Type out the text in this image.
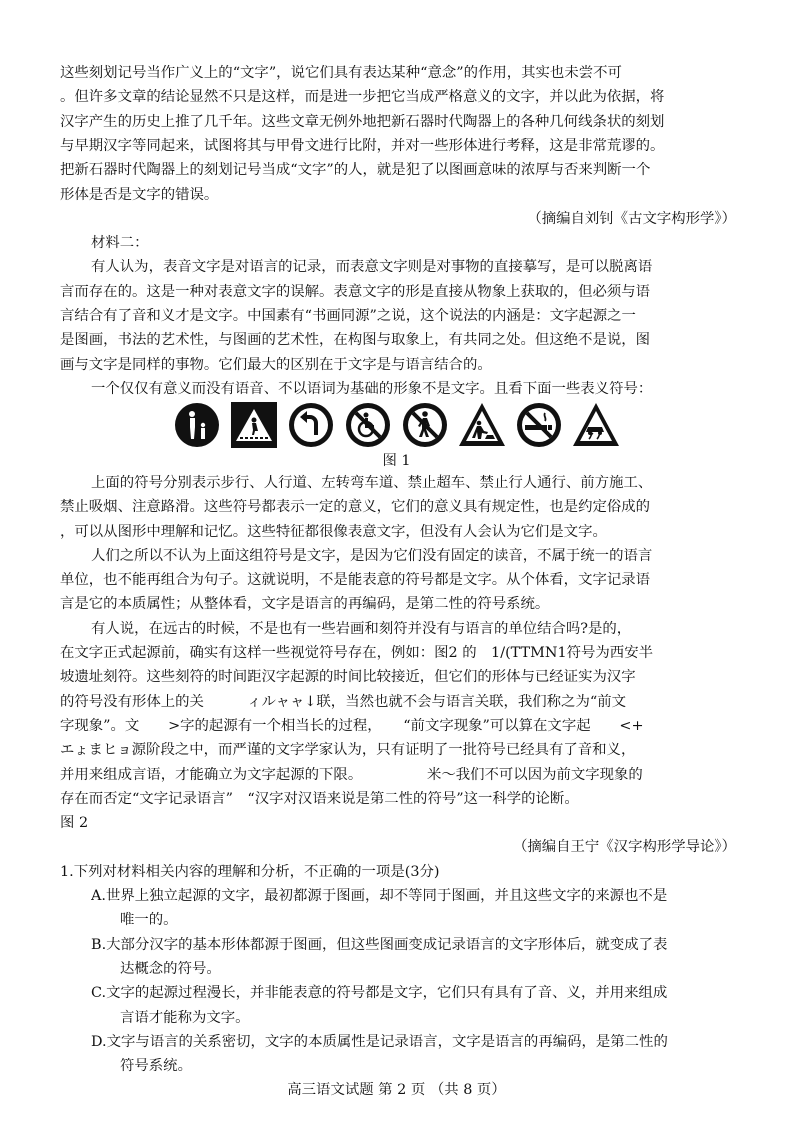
这些刻划记号当作广义上的“文字”，说它们具有表达某种“意念”的作用，其实也未尝不可
。但许多文章的结论显然不只是这样，而是进一步把它当成严格意义的文字，并以此为依据，将
汉字产生的历史上推了几千年。这些文章无例外地把新石器时代陶器上的各种几何线条状的刻划
与早期汉字等同起来，试图将其与甲骨文进行比附，并对一些形体进行考释，这是非常荒谬的。
把新石器时代陶器上的刻划记号当成“文字”的人，就是犯了以图画意味的浓厚与否来判断一个
形体是否是文字的错误。
（摘编自刘钊《古文字构形学》）
材料二：
有人认为，表音文字是对语言的记录，而表意文字则是对事物的直接摹写，是可以脱离语
言而存在的。这是一种对表意文字的误解。表意文字的形是直接从物象上获取的，但必须与语
言结合有了音和义才是文字。中国素有“书画同源”之说，这个说法的内涵是：文字起源之一
是图画，书法的艺术性，与图画的艺术性，在构图与取象上，有共同之处。但这绝不是说，图
画与文字是同样的事物。它们最大的区别在于文字是与语言结合的。
一个仅仅有意义而没有语音、不以语词为基础的形象不是文字。且看下面一些表义符号：
图 1
上面的符号分别表示步行、人行道、左转弯车道、禁止超车、禁止行人通行、前方施工、
禁止吸烟、注意路滑。这些符号都表示一定的意义，它们的意义具有规定性，也是约定俗成的
，可以从图形中理解和记忆。这些特征都很像表意文字，但没有人会认为它们是文字。
人们之所以不认为上面这组符号是文字，是因为它们没有固定的读音，不属于统一的语言
单位，也不能再组合为句子。这就说明，不是能表意的符号都是文字。从个体看，文字记录语
言是它的本质属性；从整体看，文字是语言的再编码，是第二性的符号系统。
有人说，在远古的时候，不是也有一些岩画和刻符并没有与语言的单位结合吗?是的，
在文字正式起源前，确实有这样一些视觉符号存在，例如：图2 的　1/(TTMN1符号为西安半
坡遗址刻符。这些刻符的时间距汉字起源的时间比较接近，但它们的形体与已经证实为汉字
的符号没有形体上的关　　　ィルャャ↓联，当然也就不会与语言关联，我们称之为“前文
字现象”。文　　>字的起源有一个相当长的过程，　　“前文字现象”可以算在文字起　　<+
エょまヒョ源阶段之中，而严谨的文字学家认为，只有证明了一批符号已经具有了音和义，
并用来组成言语，才能确立为文字起源的下限。　　　　　米〜我们不可以因为前文字现象的
存在而否定“文字记录语言”　“汉字对汉语来说是第二性的符号”这一科学的论断。
图 2
（摘编自王宁《汉字构形学导论》）
1.下列对材料相关内容的理解和分析，不正确的一项是(3分)
A.世界上独立起源的文字，最初都源于图画，却不等同于图画，并且这些文字的来源也不是
唯一的。
B.大部分汉字的基本形体都源于图画，但这些图画变成记录语言的文字形体后，就变成了表
达概念的符号。
C.文字的起源过程漫长，并非能表意的符号都是文字，它们只有具有了音、义，并用来组成
言语才能称为文字。
D.文字与语言的关系密切，文字的本质属性是记录语言，文字是语言的再编码，是第二性的
符号系统。
高三语文试题 第 2 页 （共 8 页）
